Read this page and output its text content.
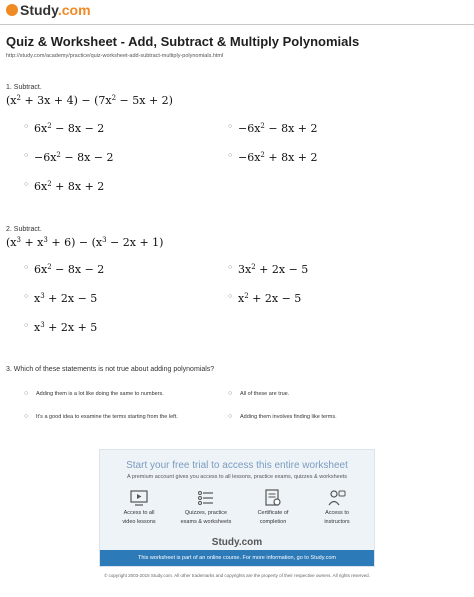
Study.com
Quiz & Worksheet - Add, Subtract & Multiply Polynomials
http://study.com/academy/practice/quiz-worksheet-add-subtract-multiply-polynomials.html
1. Subtract.
$(x^2 + 3x + 4) - (7x^2 - 5x + 2)$
○ $6x^2 - 8x - 2$	○ $-6x^2 - 8x + 2$
○ $-6x^2 - 8x - 2$	○ $-6x^2 + 8x + 2$
○ $6x^2 + 8x + 2$
2. Subtract.
$(x^3 + x^3 + 6) - (x^3 - 2x + 1)$
○ $6x^2 - 8x - 2$	○ $3x^2 + 2x - 5$
○ $x^3 + 2x - 5$	○ $x^2 + 2x - 5$
○ $x^3 + 2x + 5$
3. Which of these statements is not true about adding polynomials?
○ Adding them is a lot like doing the same to numbers.	○ All of these are true.
○ It’s a good idea to examine the terms starting from the left.	○ Adding them involves finding like terms.
Start your free trial to access this entire worksheet
A premium account gives you access to all lessons, practice exams, quizzes & worksheets
Access to all
video lessons
Quizzes, practice
exams & worksheets
Certificate of
completion
Access to
instructors
Study.com
This worksheet is part of an online course. For more information, go to Study.com
© copyright 2003-2015 Study.com. All other trademarks and copyrights are the property of their respective owners. All rights reserved.
